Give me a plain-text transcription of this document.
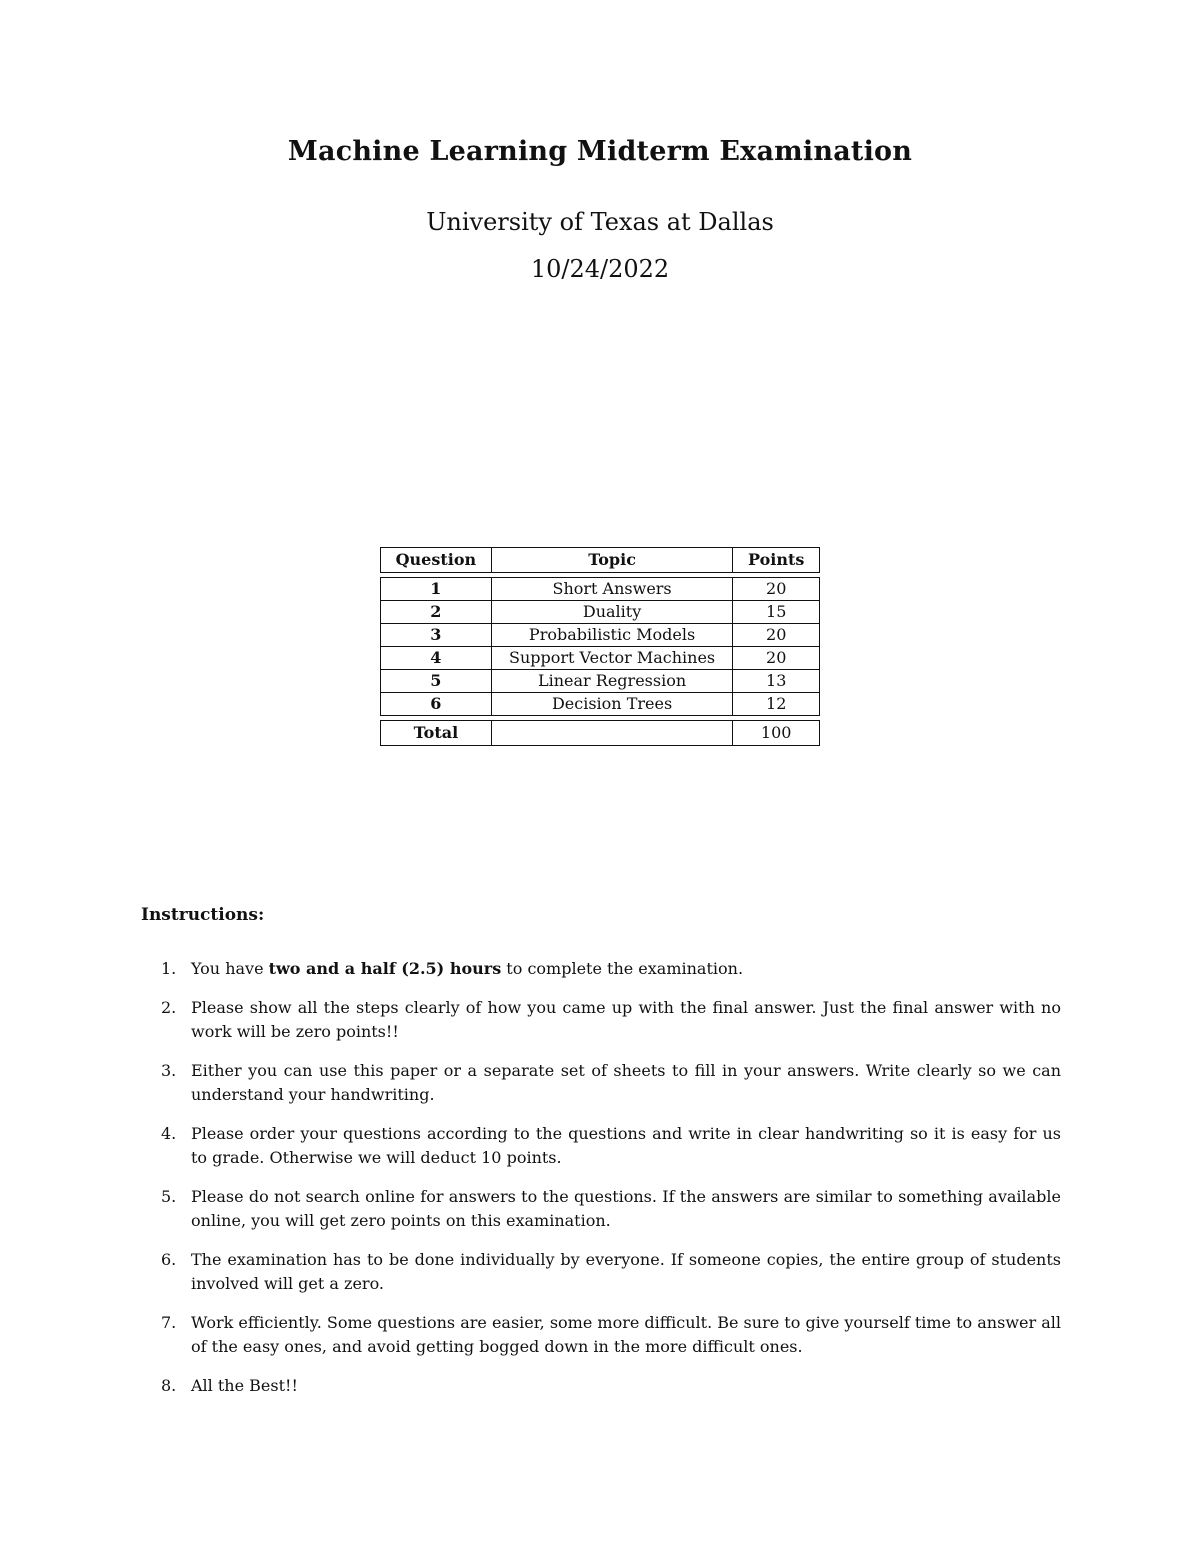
Machine Learning Midterm Examination
University of Texas at Dallas
10/24/2022
Question	Topic	Points

1	Short Answers	20
2	Duality	15
3	Probabilistic Models	20
4	Support Vector Machines	20
5	Linear Regression	13
6	Decision Trees	12

Total		100
Instructions:
1. You have two and a half (2.5) hours to complete the examination.
2. Please show all the steps clearly of how you came up with the final answer. Just the final answer with no work will be zero points!!
3. Either you can use this paper or a separate set of sheets to fill in your answers. Write clearly so we can understand your handwriting.
4. Please order your questions according to the questions and write in clear handwriting so it is easy for us to grade. Otherwise we will deduct 10 points.
5. Please do not search online for answers to the questions. If the answers are similar to something available online, you will get zero points on this examination.
6. The examination has to be done individually by everyone. If someone copies, the entire group of students involved will get a zero.
7. Work efficiently. Some questions are easier, some more difficult. Be sure to give yourself time to answer all of the easy ones, and avoid getting bogged down in the more difficult ones.
8. All the Best!!
